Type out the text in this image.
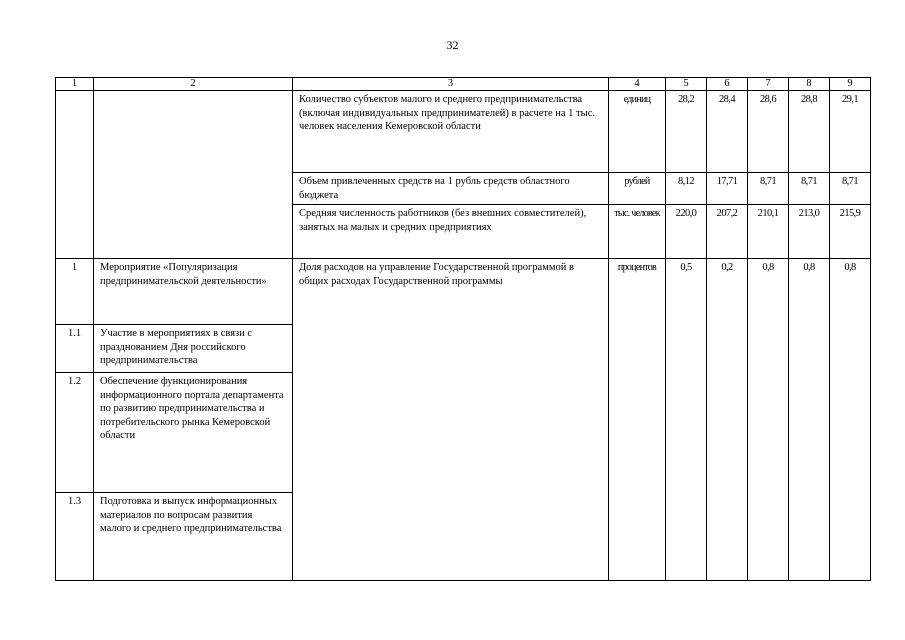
32
1	2	3	4	5	6	7	8	9
		Количество субъектов малого и среднего предпринимательства (включая индивидуальных предпринимателей) в расчете на 1 тыс. человек населения Кемеровской области	единиц	28,2	28,4	28,6	28,8	29,1
		Объем привлеченных средств на 1 рубль средств областного бюджета	рублей	8,12	17,71	8,71	8,71	8,71
		Средняя численность работников (без внешних совместителей), занятых на малых и средних предприятиях	тыс. человек	220,0	207,2	210,1	213,0	215,9
1	Мероприятие «Популяризация предпринимательской деятельности»	Доля расходов на управление Государственной программой в общих расходах Государственной программы	процентов	0,5	0,2	0,8	0,8	0,8
1.1	Участие в мероприятиях в связи с празднованием Дня российского предпринимательства							
1.2	Обеспечение функционирования информационного портала департамента по развитию предпринимательства и потребительского рынка Кемеровской области							
1.3	Подготовка и выпуск информационных материалов по вопросам развития малого и среднего предпринимательства							
